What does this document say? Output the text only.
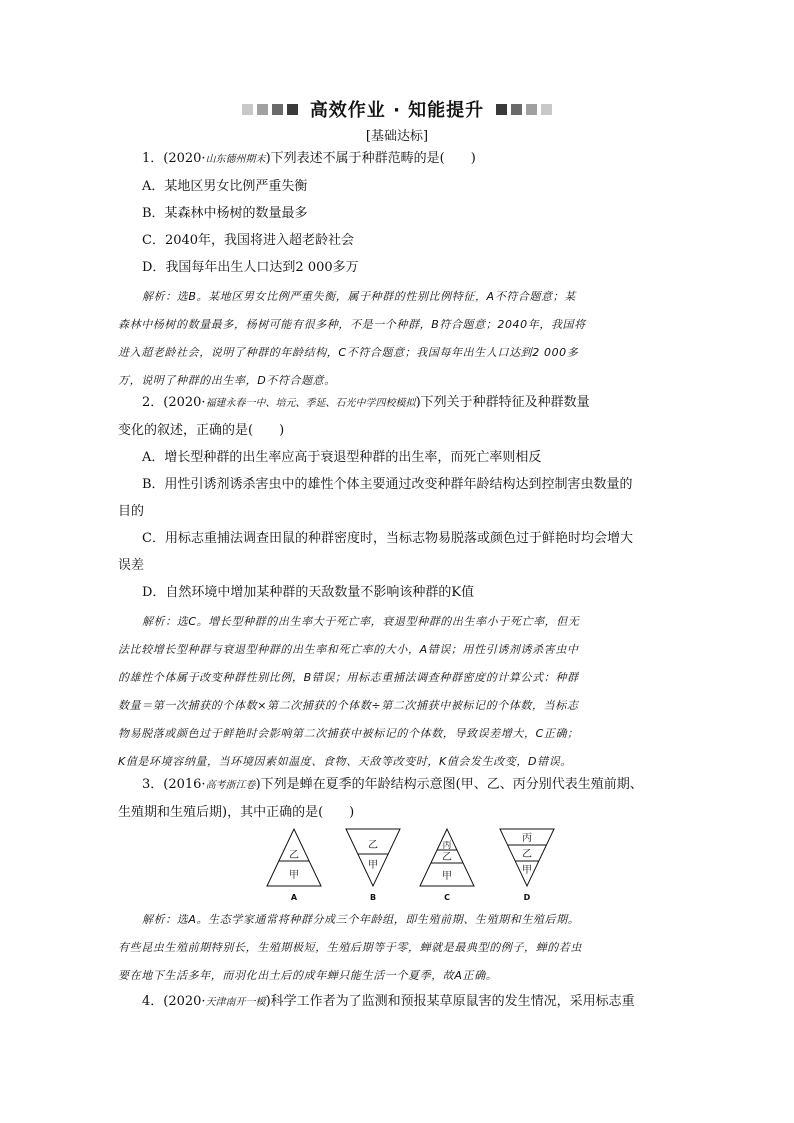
高效作业 · 知能提升
[基础达标]

1．(2020·山东德州期末)下列表述不属于种群范畴的是(　　)

A．某地区男女比例严重失衡

B．某森林中杨树的数量最多

C．2040年，我国将进入超老龄社会

D．我国每年出生人口达到2 000多万

解析：选B。某地区男女比例严重失衡，属于种群的性别比例特征，A不符合题意；某

森林中杨树的数量最多，杨树可能有很多种，不是一个种群，B符合题意；2040年，我国将

进入超老龄社会，说明了种群的年龄结构，C不符合题意；我国每年出生人口达到2 000多

万，说明了种群的出生率，D不符合题意。

2．(2020·福建永春一中、培元、季延、石光中学四校模拟)下列关于种群特征及种群数量

变化的叙述，正确的是(　　)

A．增长型种群的出生率应高于衰退型种群的出生率，而死亡率则相反

B．用性引诱剂诱杀害虫中的雄性个体主要通过改变种群年龄结构达到控制害虫数量的

目的

C．用标志重捕法调查田鼠的种群密度时，当标志物易脱落或颜色过于鲜艳时均会增大

误差

D．自然环境中增加某种群的天敌数量不影响该种群的K值

解析：选C。增长型种群的出生率大于死亡率，衰退型种群的出生率小于死亡率，但无

法比较增长型种群与衰退型种群的出生率和死亡率的大小，A错误；用性引诱剂诱杀害虫中

的雄性个体属于改变种群性别比例，B错误；用标志重捕法调查种群密度的计算公式：种群

数量＝第一次捕获的个体数×第二次捕获的个体数÷第二次捕获中被标记的个体数，当标志

物易脱落或颜色过于鲜艳时会影响第二次捕获中被标记的个体数，导致误差增大，C正确；

K值是环境容纳量，当环境因素如温度、食物、天敌等改变时，K值会发生改变，D错误。

3．(2016·高考浙江卷)下列是蝉在夏季的年龄结构示意图(甲、乙、丙分别代表生殖前期、

生殖期和生殖后期)，其中正确的是(　　)

乙
甲
A
乙
甲
B
丙
乙
甲
C
丙
乙
甲
D

解析：选A。生态学家通常将种群分成三个年龄组，即生殖前期、生殖期和生殖后期。

有些昆虫生殖前期特别长，生殖期极短，生殖后期等于零，蝉就是最典型的例子，蝉的若虫

要在地下生活多年，而羽化出土后的成年蝉只能生活一个夏季，故A正确。

4．(2020·天津南开一模)科学工作者为了监测和预报某草原鼠害的发生情况，采用标志重
